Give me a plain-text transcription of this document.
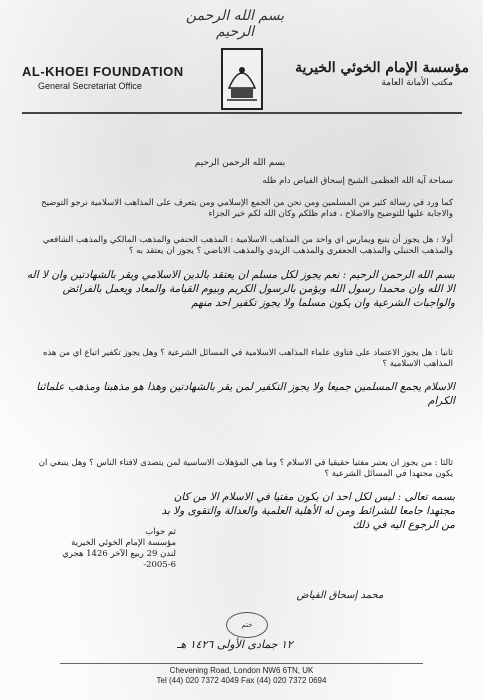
بسم الله الرحمن الرحيم
AL-KHOEI FOUNDATION
General Secretariat Office
مؤسسة الإمام الخوئي الخيرية
مكتب الأمانة العامة
بسم الله الرحمن الرحيم
سماحة آية الله العظمى الشيخ إسحاق الفياض دام ظله
كما ورد في رسالة كثير من المسلمين ومن نحن من الجمع الإسلامي ومن يتعرف على المذاهب الاسلامية نرجو التوضيح والاجابة عليها للتوضيح والاصلاح ، فدام ظلكم وكان الله لكم خير الجزاء
أولا : هل يجوز أن يتبع ويمارس اي واحد من المذاهب الاسلامية : المذهب الحنفي والمذهب المالكي والمذهب الشافعي والمذهب الحنبلي والمذهب الجعفري والمذهب الزيدي والمذهب الاباضي ؟ يجوز ان يعتقد به ؟
بسم الله الرحمن الرحيم : نعم يجوز لكل مسلم ان يعتقد بالدين الاسلامي ويقر بالشهادتين وان لا اله الا الله وان محمدا رسول الله ويؤمن بالرسول الكريم وبيوم القيامة والمعاد ويعمل بالفرائض والواجبات الشرعية وان يكون مسلما ولا يجوز تكفير احد منهم
ثانيا : هل يجوز الاعتماد على فتاوى علماء المذاهب الاسلامية في المسائل الشرعية ؟ وهل يجوز تكفير اتباع اي من هذه المذاهب الاسلامية ؟
الاسلام يجمع المسلمين جميعا ولا يجوز التكفير لمن يقر بالشهادتين وهذا هو مذهبنا ومذهب علمائنا الكرام
ثالثا : من يجوز ان يعتبر مفتيا حقيقيا في الاسلام ؟ وما هي المؤهلات الاساسية لمن يتصدى لافتاء الناس ؟ وهل ينبغي ان يكون مجتهدا في المسائل الشرعية ؟
بسمه تعالى : ليس لكل احد ان يكون مفتيا في الاسلام الا من كان مجتهدا جامعا للشرائط ومن له الأهلية العلمية والعدالة والتقوى ولا بد من الرجوع اليه في ذلك
ثم جواب
مؤسسة الإمام الخوئي الخيرية
لندن 29 ربيع الآخر 1426 هجري
2005-6-
محمد إسحاق الفياض
ختم
١٢ جمادى الأولى ١٤٢٦ هـ
Chevening Road, London NW6 6TN, UK
Tel (44) 020 7372 4049 Fax (44) 020 7372 0694
